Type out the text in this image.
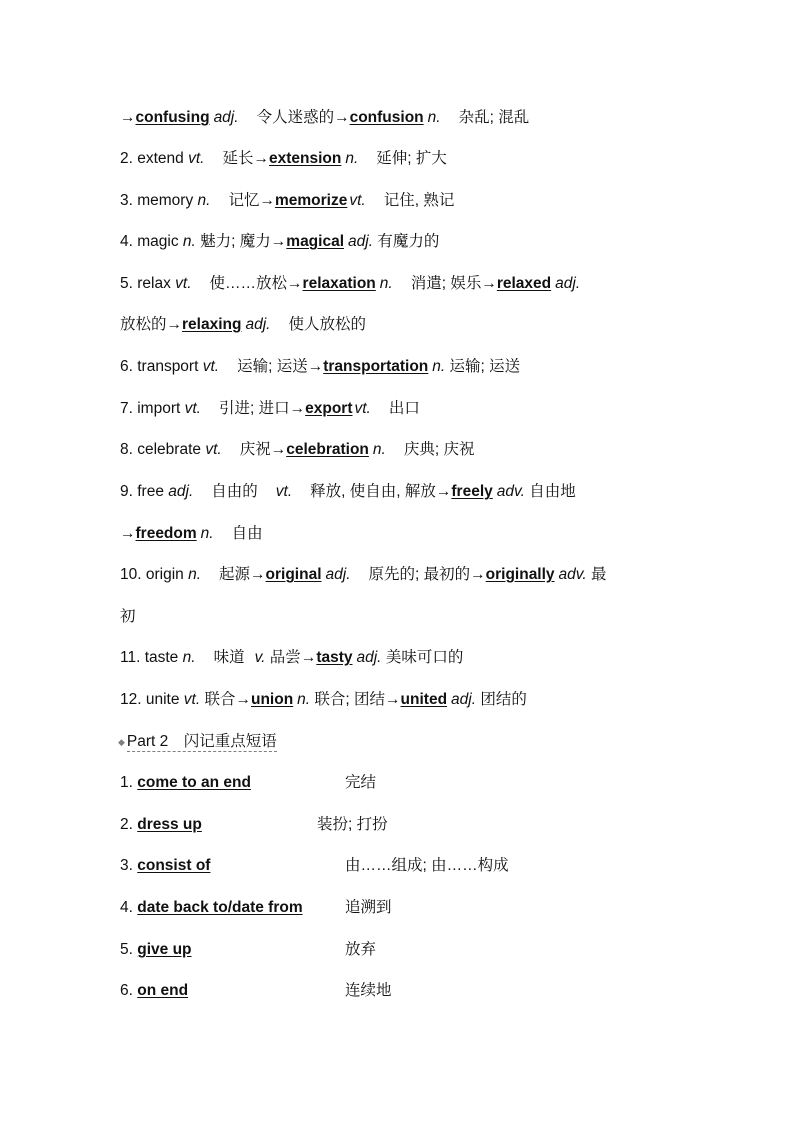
→confusing adj. 令人迷惑的→confusion n. 杂乱; 混乱
2. extend vt. 延长→extension n. 延伸; 扩大
3. memory n. 记忆→memorize vt. 记住, 熟记
4. magic n. 魅力; 魔力→magical adj. 有魔力的
5. relax vt. 使……放松→relaxation n. 消遣; 娱乐→relaxed adj.
放松的→relaxing adj. 使人放松的
6. transport vt. 运输; 运送→transportation n. 运输; 运送
7. import vt. 引进; 进口→export vt. 出口
8. celebrate vt. 庆祝→celebration n. 庆典; 庆祝
9. free adj. 自由的 vt. 释放, 使自由, 解放→freely adv. 自由地
→freedom n. 自由
10. origin n. 起源→original adj. 原先的; 最初的→originally adv. 最
初
11. taste n. 味道 v. 品尝→tasty adj. 美味可口的
12. unite vt. 联合→union n. 联合; 团结→united adj. 团结的
◆ Part 2　闪记重点短语
1. come to an end	完结
2. dress up	装扮; 打扮
3. consist of	由……组成; 由……构成
4. date back to/date from	追溯到
5. give up	放弃
6. on end	连续地
